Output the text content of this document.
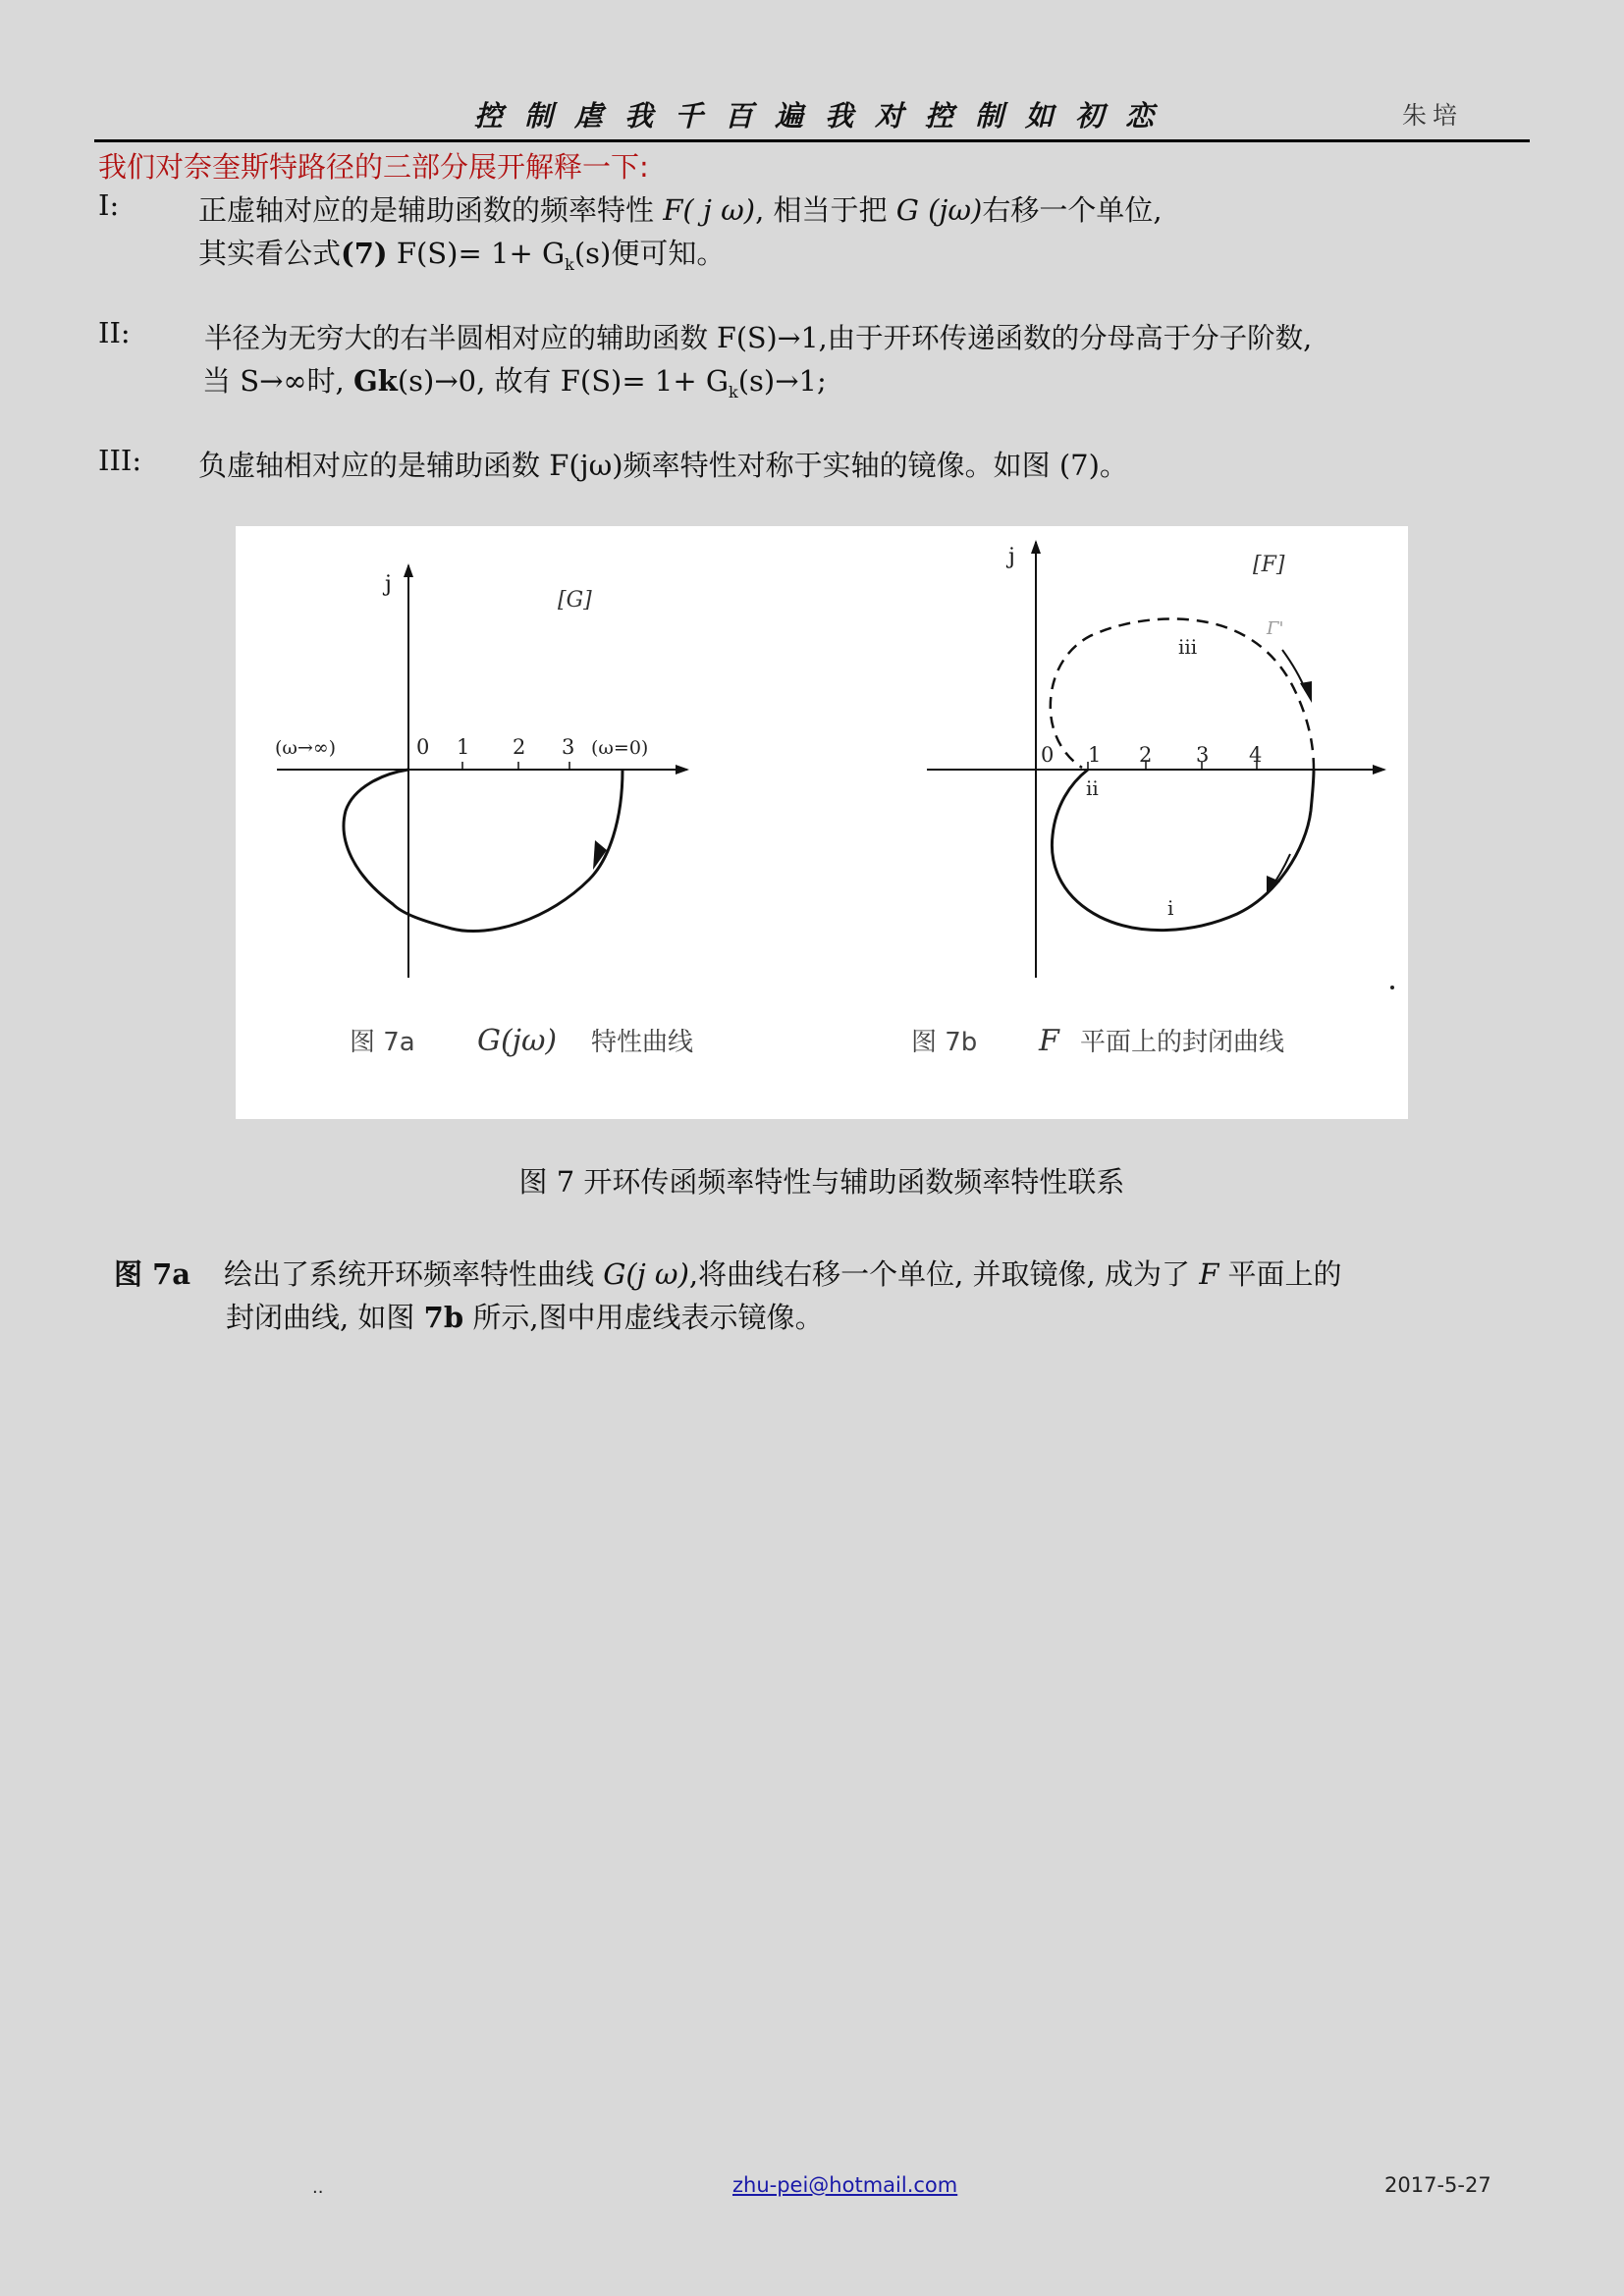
控制虐我千百遍我对控制如初恋	朱培
我们对奈奎斯特路径的三部分展开解释一下:
I:	正虚轴对应的是辅助函数的频率特性 F( j ω), 相当于把 G (jω)右移一个单位,
其实看公式(7) $F(S)= 1+ G_k(s)$便可知。
II:	半径为无穷大的右半圆相对应的辅助函数 F(S)→1,由于开环传递函数的分母高于分子阶数,
当 S→∞时, Gk(s)→0, 故有 $F(S)= 1+ G_k(s)\to 1$;
III: 负虚轴相对应的是辅助函数 F(jω)频率特性对称于实轴的镜像。如图 (7)。
j
[G]
(ω→∞)	(ω=0)
0 1 2 3
j	[F]
Γ'
0 1 2 3 4
i
ii
iii
图 7a G(jω) 特性曲线	图 7b F 平面上的封闭曲线
图 7 开环传函频率特性与辅助函数频率特性联系
图 7a 绘出了系统开环频率特性曲线 G(j ω),将曲线右移一个单位, 并取镜像, 成为了 F 平面上的
封闭曲线, 如图 7b 所示,图中用虚线表示镜像。
..	zhu-pei@hotmail.com	2017-5-27
